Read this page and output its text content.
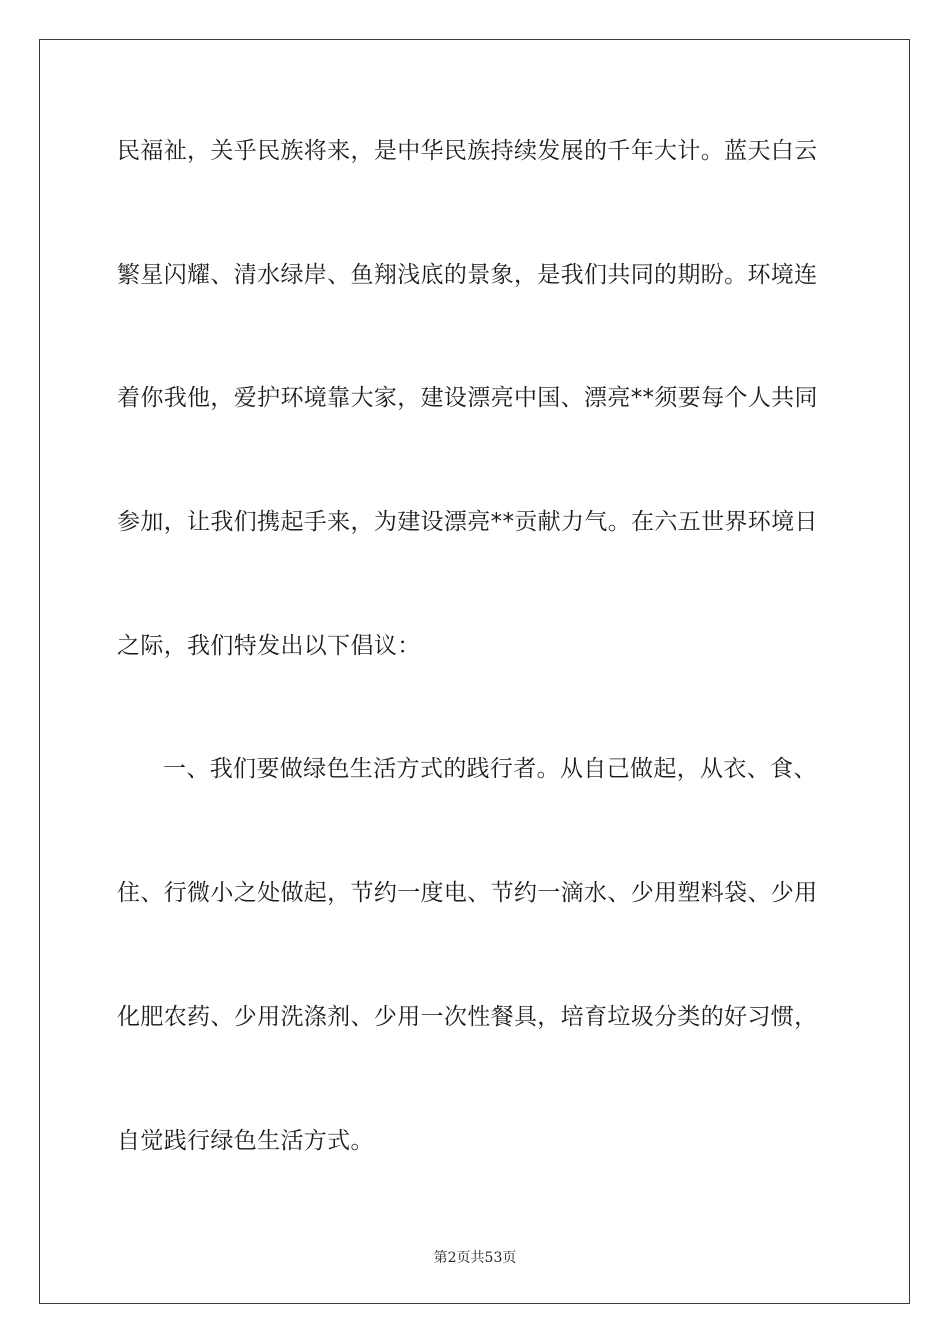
民福祉，关乎民族将来，是中华民族持续发展的千年大计。蓝天白云
繁星闪耀、清水绿岸、鱼翔浅底的景象，是我们共同的期盼。环境连
着你我他，爱护环境靠大家，建设漂亮中国、漂亮**须要每个人共同
参加，让我们携起手来，为建设漂亮**贡献力气。在六五世界环境日
之际，我们特发出以下倡议：
一、我们要做绿色生活方式的践行者。从自己做起，从衣、食、
住、行微小之处做起，节约一度电、节约一滴水、少用塑料袋、少用
化肥农药、少用洗涤剂、少用一次性餐具，培育垃圾分类的好习惯，
自觉践行绿色生活方式。
第2页共53页
